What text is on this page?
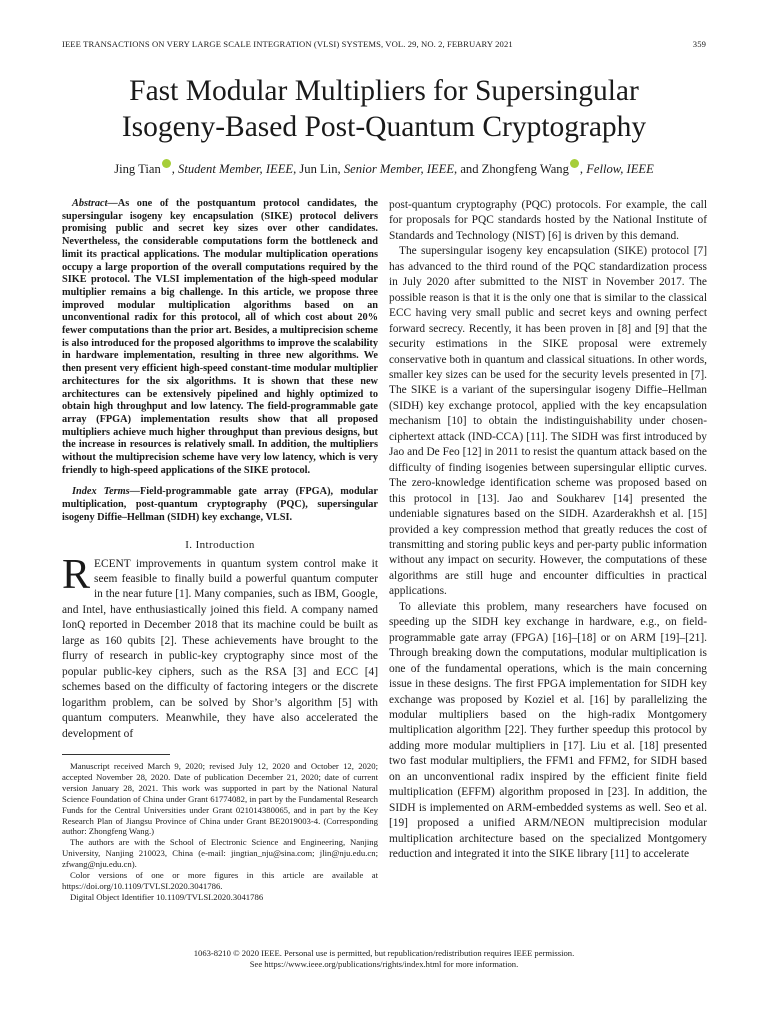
IEEE TRANSACTIONS ON VERY LARGE SCALE INTEGRATION (VLSI) SYSTEMS, VOL. 29, NO. 2, FEBRUARY 2021	359
Fast Modular Multipliers for Supersingular
Isogeny-Based Post-Quantum Cryptography
Jing Tian , Student Member, IEEE, Jun Lin, Senior Member, IEEE, and Zhongfeng Wang , Fellow, IEEE

Abstract—As one of the postquantum protocol candidates, the supersingular isogeny key encapsulation (SIKE) protocol delivers promising public and secret key sizes over other candidates. Nevertheless, the considerable computations form the bottleneck and limit its practical applications. The modular multiplication operations occupy a large proportion of the overall computations required by the SIKE protocol. The VLSI implementation of the high-speed modular multiplier remains a big challenge. In this article, we propose three improved modular multiplication algorithms based on an unconventional radix for this protocol, all of which cost about 20% fewer computations than the prior art. Besides, a multiprecision scheme is also introduced for the proposed algorithms to improve the scalability in hardware implementation, resulting in three new algorithms. We then present very efficient high-speed constant-time modular multiplier architectures for the six algorithms. It is shown that these new architectures can be extensively pipelined and highly optimized to obtain high throughput and low latency. The field-programmable gate array (FPGA) implementation results show that all proposed multipliers achieve much higher throughput than previous designs, but the increase in resources is relatively small. In addition, the multipliers without the multiprecision scheme have very low latency, which is very friendly to high-speed applications of the SIKE protocol.

Index Terms—Field-programmable gate array (FPGA), modular multiplication, post-quantum cryptography (PQC), supersingular isogeny Diffie–Hellman (SIDH) key exchange, VLSI.

I. Introduction

RECENT improvements in quantum system control make it seem feasible to finally build a powerful quantum computer in the near future [1]. Many companies, such as IBM, Google, and Intel, have enthusiastically joined this field. A company named IonQ reported in December 2018 that its machine could be built as large as 160 qubits [2]. These achievements have brought to the flurry of research in public-key cryptography since most of the popular public-key ciphers, such as the RSA [3] and ECC [4] schemes based on the difficulty of factoring integers or the discrete logarithm problem, can be solved by Shor’s algorithm [5] with quantum computers. Meanwhile, they have also accelerated the development of

Manuscript received March 9, 2020; revised July 12, 2020 and October 12, 2020; accepted November 28, 2020. Date of publication December 21, 2020; date of current version January 28, 2021. This work was supported in part by the National Natural Science Foundation of China under Grant 61774082, in part by the Fundamental Research Funds for the Central Universities under Grant 021014380065, and in part by the Key Research Plan of Jiangsu Province of China under Grant BE2019003-4. (Corresponding author: Zhongfeng Wang.)

The authors are with the School of Electronic Science and Engineering, Nanjing University, Nanjing 210023, China (e-mail: jingtian_nju@sina.com; jlin@nju.edu.cn; zfwang@nju.edu.cn).

Color versions of one or more figures in this article are available at https://doi.org/10.1109/TVLSI.2020.3041786.

Digital Object Identifier 10.1109/TVLSI.2020.3041786

post-quantum cryptography (PQC) protocols. For example, the call for proposals for PQC standards hosted by the National Institute of Standards and Technology (NIST) [6] is driven by this demand.

The supersingular isogeny key encapsulation (SIKE) protocol [7] has advanced to the third round of the PQC standardization process in July 2020 after submitted to the NIST in November 2017. The possible reason is that it is the only one that is similar to the classical ECC having very small public and secret keys and owning perfect forward secrecy. Recently, it has been proven in [8] and [9] that the security estimations in the SIKE proposal were extremely conservative both in quantum and classical situations. In other words, smaller key sizes can be used for the security levels presented in [7]. The SIKE is a variant of the supersingular isogeny Diffie–Hellman (SIDH) key exchange protocol, applied with the key encapsulation mechanism [10] to obtain the indistinguishability under chosen-ciphertext attack (IND-CCA) [11]. The SIDH was first introduced by Jao and De Feo [12] in 2011 to resist the quantum attack based on the difficulty of finding isogenies between supersingular elliptic curves. The zero-knowledge identification scheme was proposed based on this protocol in [13]. Jao and Soukharev [14] presented the undeniable signatures based on the SIDH. Azarderakhsh et al. [15] provided a key compression method that greatly reduces the cost of transmitting and storing public keys and per-party public information without any impact on security. However, the computations of these algorithms are still huge and encounter difficulties in practical applications.

To alleviate this problem, many researchers have focused on speeding up the SIDH key exchange in hardware, e.g., on field-programmable gate array (FPGA) [16]–[18] or on ARM [19]–[21]. Through breaking down the computations, modular multiplication is one of the fundamental operations, which is the main concerning issue in these designs. The first FPGA implementation for SIDH key exchange was proposed by Koziel et al. [16] by parallelizing the modular multipliers based on the high-radix Montgomery multiplication algorithm [22]. They further speedup this protocol by adding more modular multipliers in [17]. Liu et al. [18] presented two fast modular multipliers, the FFM1 and FFM2, for SIDH based on an unconventional radix inspired by the efficient finite field multiplication (EFFM) algorithm proposed in [23]. In addition, the SIDH is implemented on ARM-embedded systems as well. Seo et al. [19] proposed a unified ARM/NEON multiprecision modular multiplication architecture based on the specialized Montgomery reduction and integrated it into the SIKE library [11] to accelerate

1063-8210 © 2020 IEEE. Personal use is permitted, but republication/redistribution requires IEEE permission.
See https://www.ieee.org/publications/rights/index.html for more information.
